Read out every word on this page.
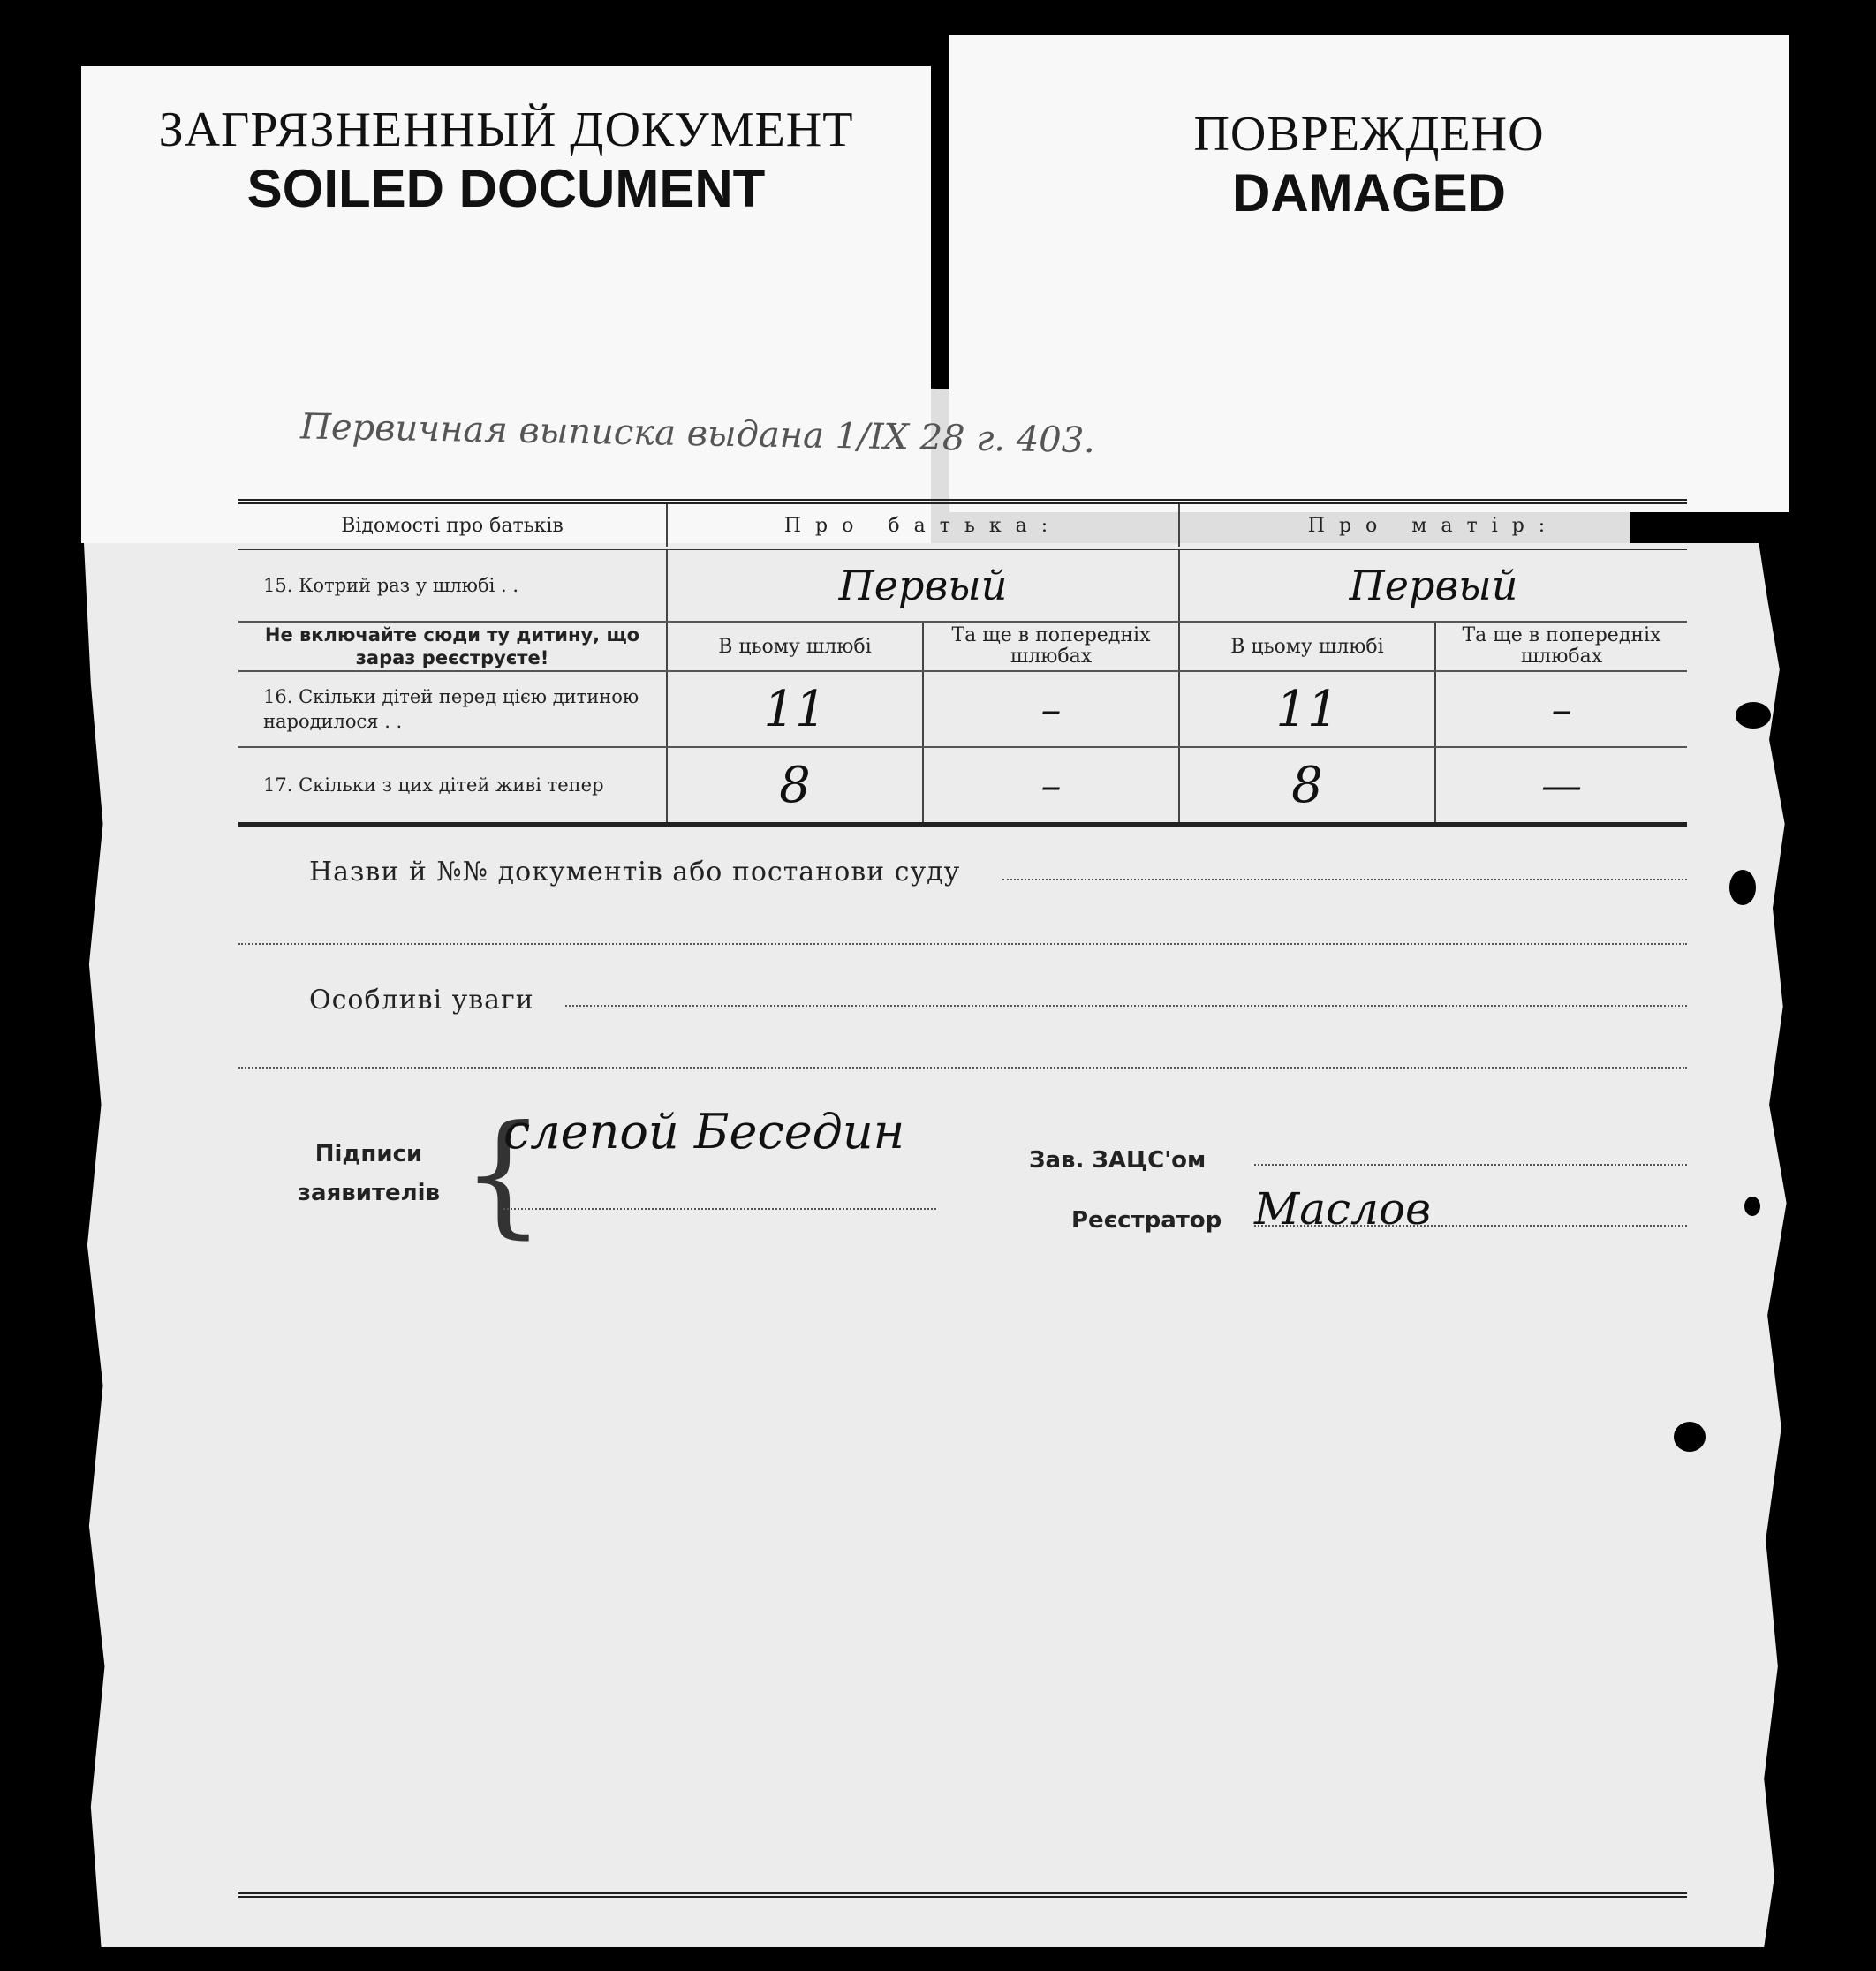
ЗАГРЯЗНЕННЫЙ ДОКУМЕНТ
SOILED DOCUMENT
ПОВРЕЖДЕНО
DAMAGED
Первичная выписка выдана 1/IX 28 г. 403.
Відомості про батьків	Про батька:		Про матір:	
15. Котрий раз у шлюбі . .	Первый		Первый	
Не включайте сюди ту дитину, що зараз реєструєте!	В цьому шлюбі	Та ще в попередніх шлюбах	В цьому шлюбі	Та ще в попередніх шлюбах
16. Скільки дітей перед цією дитиною народилося . .	11	–	11	–
17. Скільки з цих дітей живі тепер	8	–	8	—
Назви й №№ документів або постанови суду
Особливі уваги
Підписи заявителів {
слепой Беседин
Зав. ЗАЦС'ом
Реєстратор Маслов
